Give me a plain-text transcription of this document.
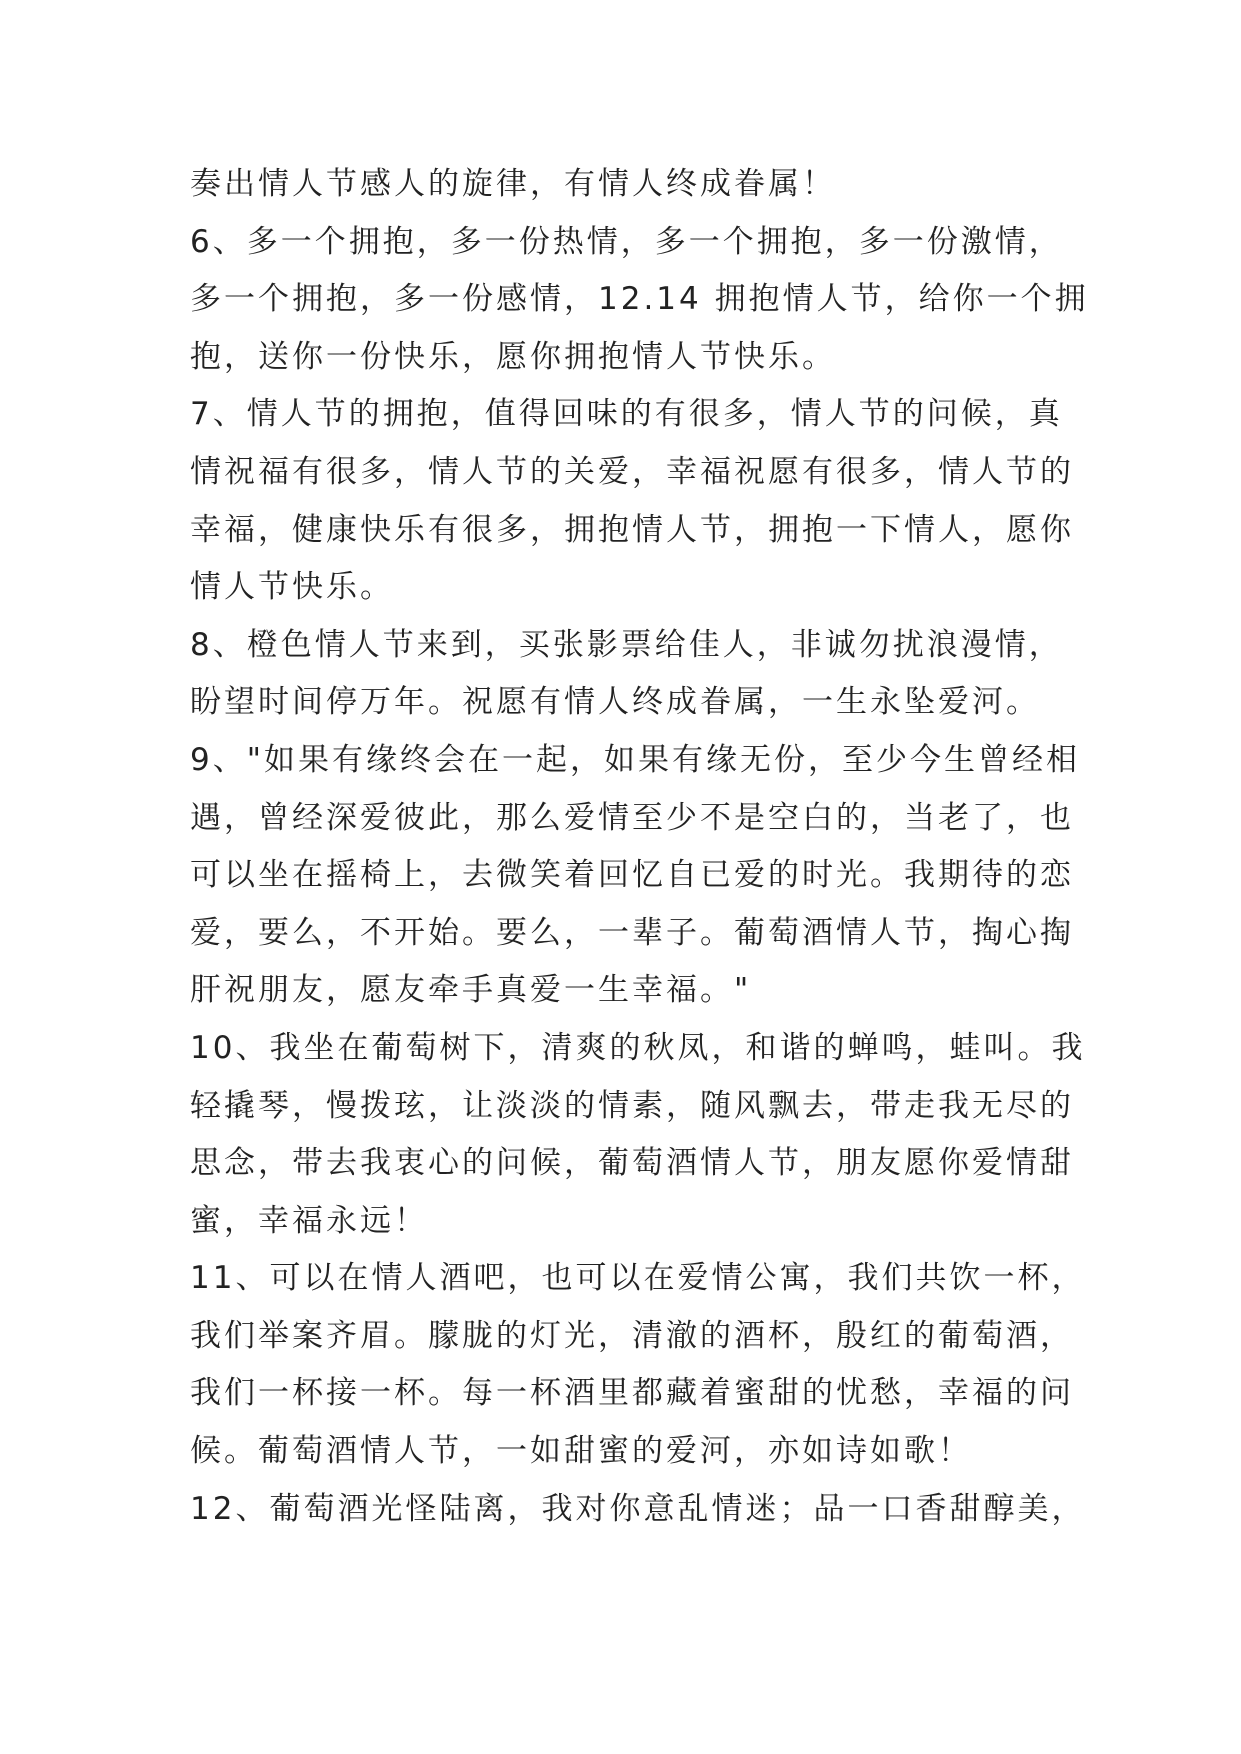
奏出情人节感人的旋律，有情人终成眷属！
6、多一个拥抱，多一份热情，多一个拥抱，多一份激情，
多一个拥抱，多一份感情，12.14 拥抱情人节，给你一个拥
抱，送你一份快乐，愿你拥抱情人节快乐。
7、情人节的拥抱，值得回味的有很多，情人节的问候，真
情祝福有很多，情人节的关爱，幸福祝愿有很多，情人节的
幸福，健康快乐有很多，拥抱情人节，拥抱一下情人，愿你
情人节快乐。
8、橙色情人节来到，买张影票给佳人，非诚勿扰浪漫情，
盼望时间停万年。祝愿有情人终成眷属，一生永坠爱河。
9、"如果有缘终会在一起，如果有缘无份，至少今生曾经相
遇，曾经深爱彼此，那么爱情至少不是空白的，当老了，也
可以坐在摇椅上，去微笑着回忆自已爱的时光。我期待的恋
爱，要么，不开始。要么，一辈子。葡萄酒情人节，掏心掏
肝祝朋友，愿友牵手真爱一生幸福。"
10、我坐在葡萄树下，清爽的秋凤，和谐的蝉鸣，蛙叫。我
轻撬琴，慢拨玹，让淡淡的情素，随风飘去，带走我无尽的
思念，带去我衷心的问候，葡萄酒情人节，朋友愿你爱情甜
蜜，幸福永远！
11、可以在情人酒吧，也可以在爱情公寓，我们共饮一杯，
我们举案齐眉。朦胧的灯光，清澈的酒杯，殷红的葡萄酒，
我们一杯接一杯。每一杯酒里都藏着蜜甜的忧愁，幸福的问
候。葡萄酒情人节，一如甜蜜的爱河，亦如诗如歌！
12、葡萄酒光怪陆离，我对你意乱情迷；品一口香甜醇美，
